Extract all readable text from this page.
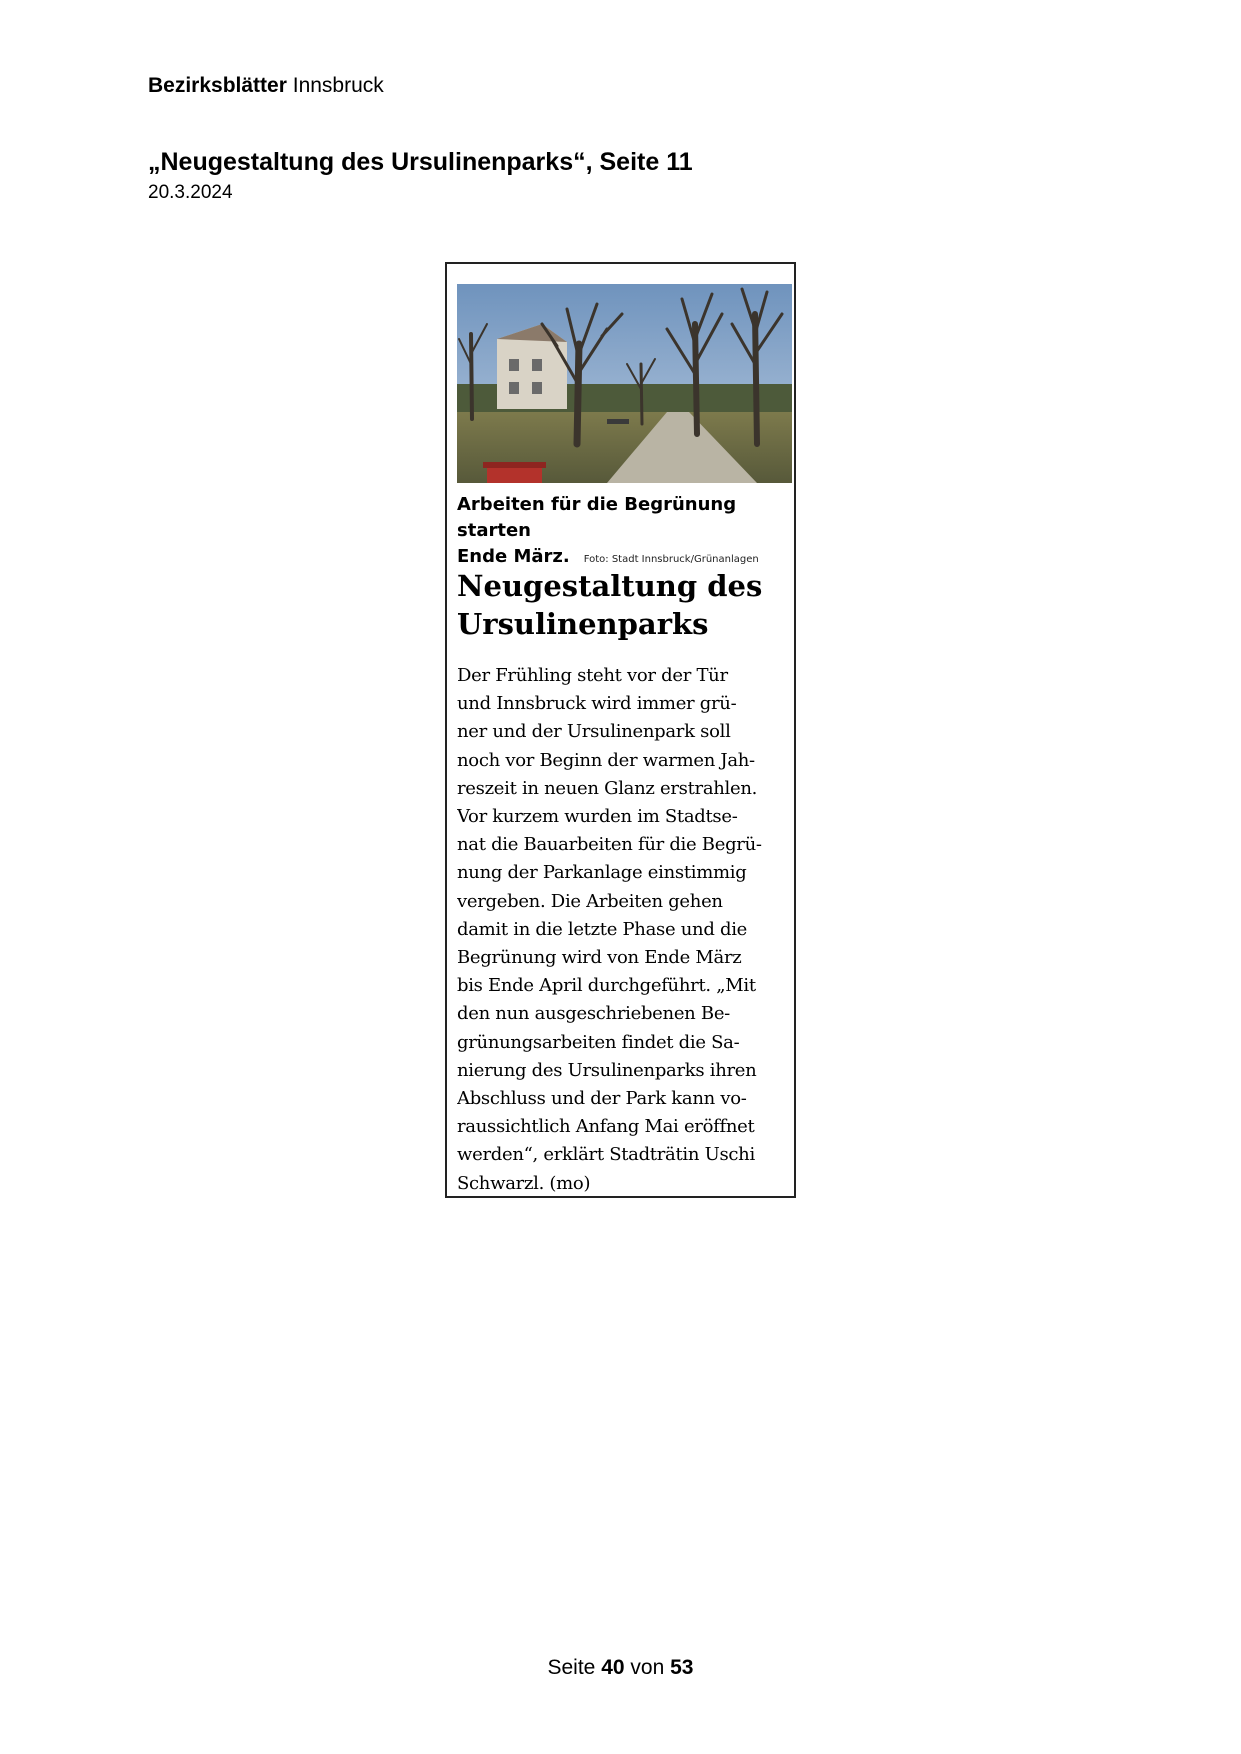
Bezirksblätter Innsbruck
„Neugestaltung des Ursulinenparks“, Seite 11
20.3.2024
Arbeiten für die Begrünung starten
Ende März. Foto: Stadt Innsbruck/Grünanlagen
Neugestaltung des
Ursulinenparks
Der Frühling steht vor der Tür
und Innsbruck wird immer grü-
ner und der Ursulinenpark soll
noch vor Beginn der warmen Jah-
reszeit in neuen Glanz erstrahlen.
Vor kurzem wurden im Stadtse-
nat die Bauarbeiten für die Begrü-
nung der Parkanlage einstimmig
vergeben. Die Arbeiten gehen
damit in die letzte Phase und die
Begrünung wird von Ende März
bis Ende April durchgeführt. „Mit
den nun ausgeschriebenen Be-
grünungsarbeiten findet die Sa-
nierung des Ursulinenparks ihren
Abschluss und der Park kann vo-
raussichtlich Anfang Mai eröffnet
werden“, erklärt Stadträtin Uschi
Schwarzl. (mo)
Seite 40 von 53
